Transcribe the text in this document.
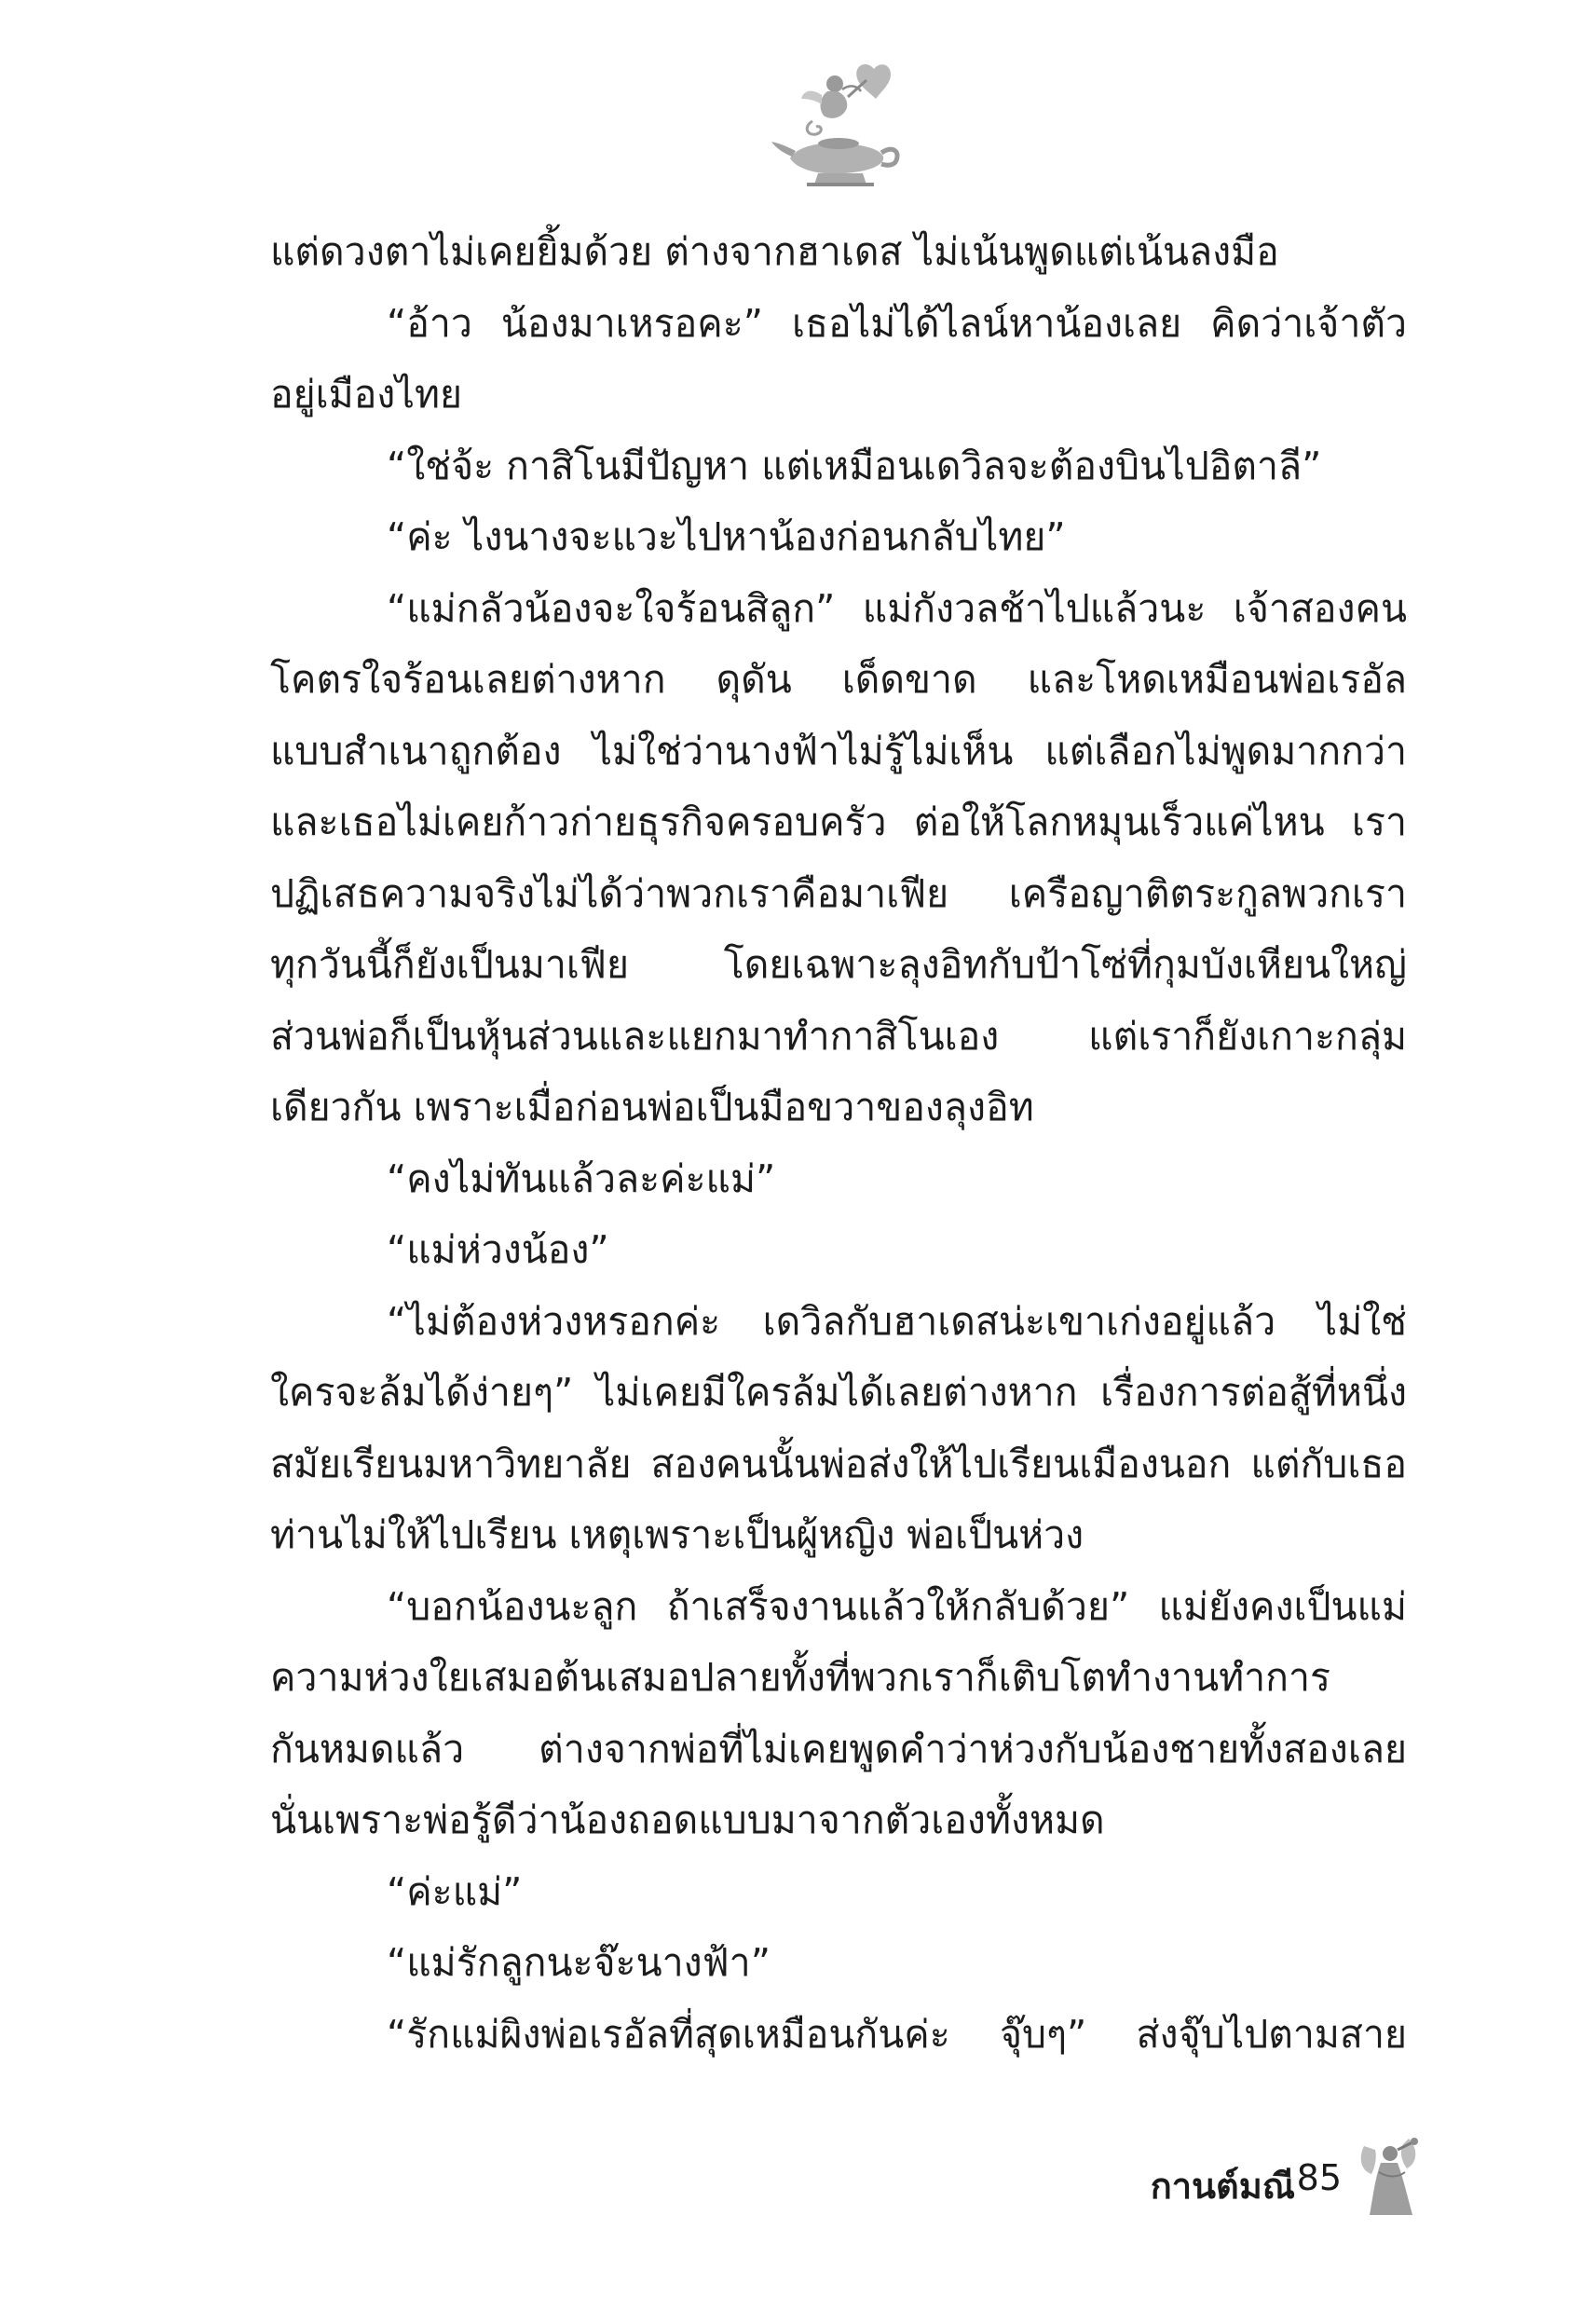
แต่ดวงตาไม่เคยยิ้มด้วย ต่างจากฮาเดส ไม่เน้นพูดแต่เน้นลงมือ
“อ้าว น้องมาเหรอคะ” เธอไม่ได้ไลน์หาน้องเลย คิดว่าเจ้าตัว
อยู่เมืองไทย
“ใช่จ้ะ กาสิโนมีปัญหา แต่เหมือนเดวิลจะต้องบินไปอิตาลี”
“ค่ะ ไงนางจะแวะไปหาน้องก่อนกลับไทย”
“แม่กลัวน้องจะใจร้อนสิลูก” แม่กังวลช้าไปแล้วนะ เจ้าสองคน
โคตรใจร้อนเลยต่างหาก ดุดัน เด็ดขาด และโหดเหมือนพ่อเรอัล
แบบสำเนาถูกต้อง ไม่ใช่ว่านางฟ้าไม่รู้ไม่เห็น แต่เลือกไม่พูดมากกว่า
และเธอไม่เคยก้าวก่ายธุรกิจครอบครัว ต่อให้โลกหมุนเร็วแค่ไหน เรา
ปฏิเสธความจริงไม่ได้ว่าพวกเราคือมาเฟีย เครือญาติตระกูลพวกเรา
ทุกวันนี้ก็ยังเป็นมาเฟีย โดยเฉพาะลุงอิทกับป้าโซ่ที่กุมบังเหียนใหญ่
ส่วนพ่อก็เป็นหุ้นส่วนและแยกมาทำกาสิโนเอง แต่เราก็ยังเกาะกลุ่ม
เดียวกัน เพราะเมื่อก่อนพ่อเป็นมือขวาของลุงอิท
“คงไม่ทันแล้วละค่ะแม่”
“แม่ห่วงน้อง”
“ไม่ต้องห่วงหรอกค่ะ เดวิลกับฮาเดสน่ะเขาเก่งอยู่แล้ว ไม่ใช่
ใครจะล้มได้ง่ายๆ” ไม่เคยมีใครล้มได้เลยต่างหาก เรื่องการต่อสู้ที่หนึ่ง
สมัยเรียนมหาวิทยาลัย สองคนนั้นพ่อส่งให้ไปเรียนเมืองนอก แต่กับเธอ
ท่านไม่ให้ไปเรียน เหตุเพราะเป็นผู้หญิง พ่อเป็นห่วง
“บอกน้องนะลูก ถ้าเสร็จงานแล้วให้กลับด้วย” แม่ยังคงเป็นแม่
ความห่วงใยเสมอต้นเสมอปลายทั้งที่พวกเราก็เติบโตทำงานทำการ
กันหมดแล้ว ต่างจากพ่อที่ไม่เคยพูดคำว่าห่วงกับน้องชายทั้งสองเลย
นั่นเพราะพ่อรู้ดีว่าน้องถอดแบบมาจากตัวเองทั้งหมด
“ค่ะแม่”
“แม่รักลูกนะจ๊ะนางฟ้า”
“รักแม่ผิงพ่อเรอัลที่สุดเหมือนกันค่ะ จุ๊บๆ” ส่งจุ๊บไปตามสาย
กานต์มณี 85
